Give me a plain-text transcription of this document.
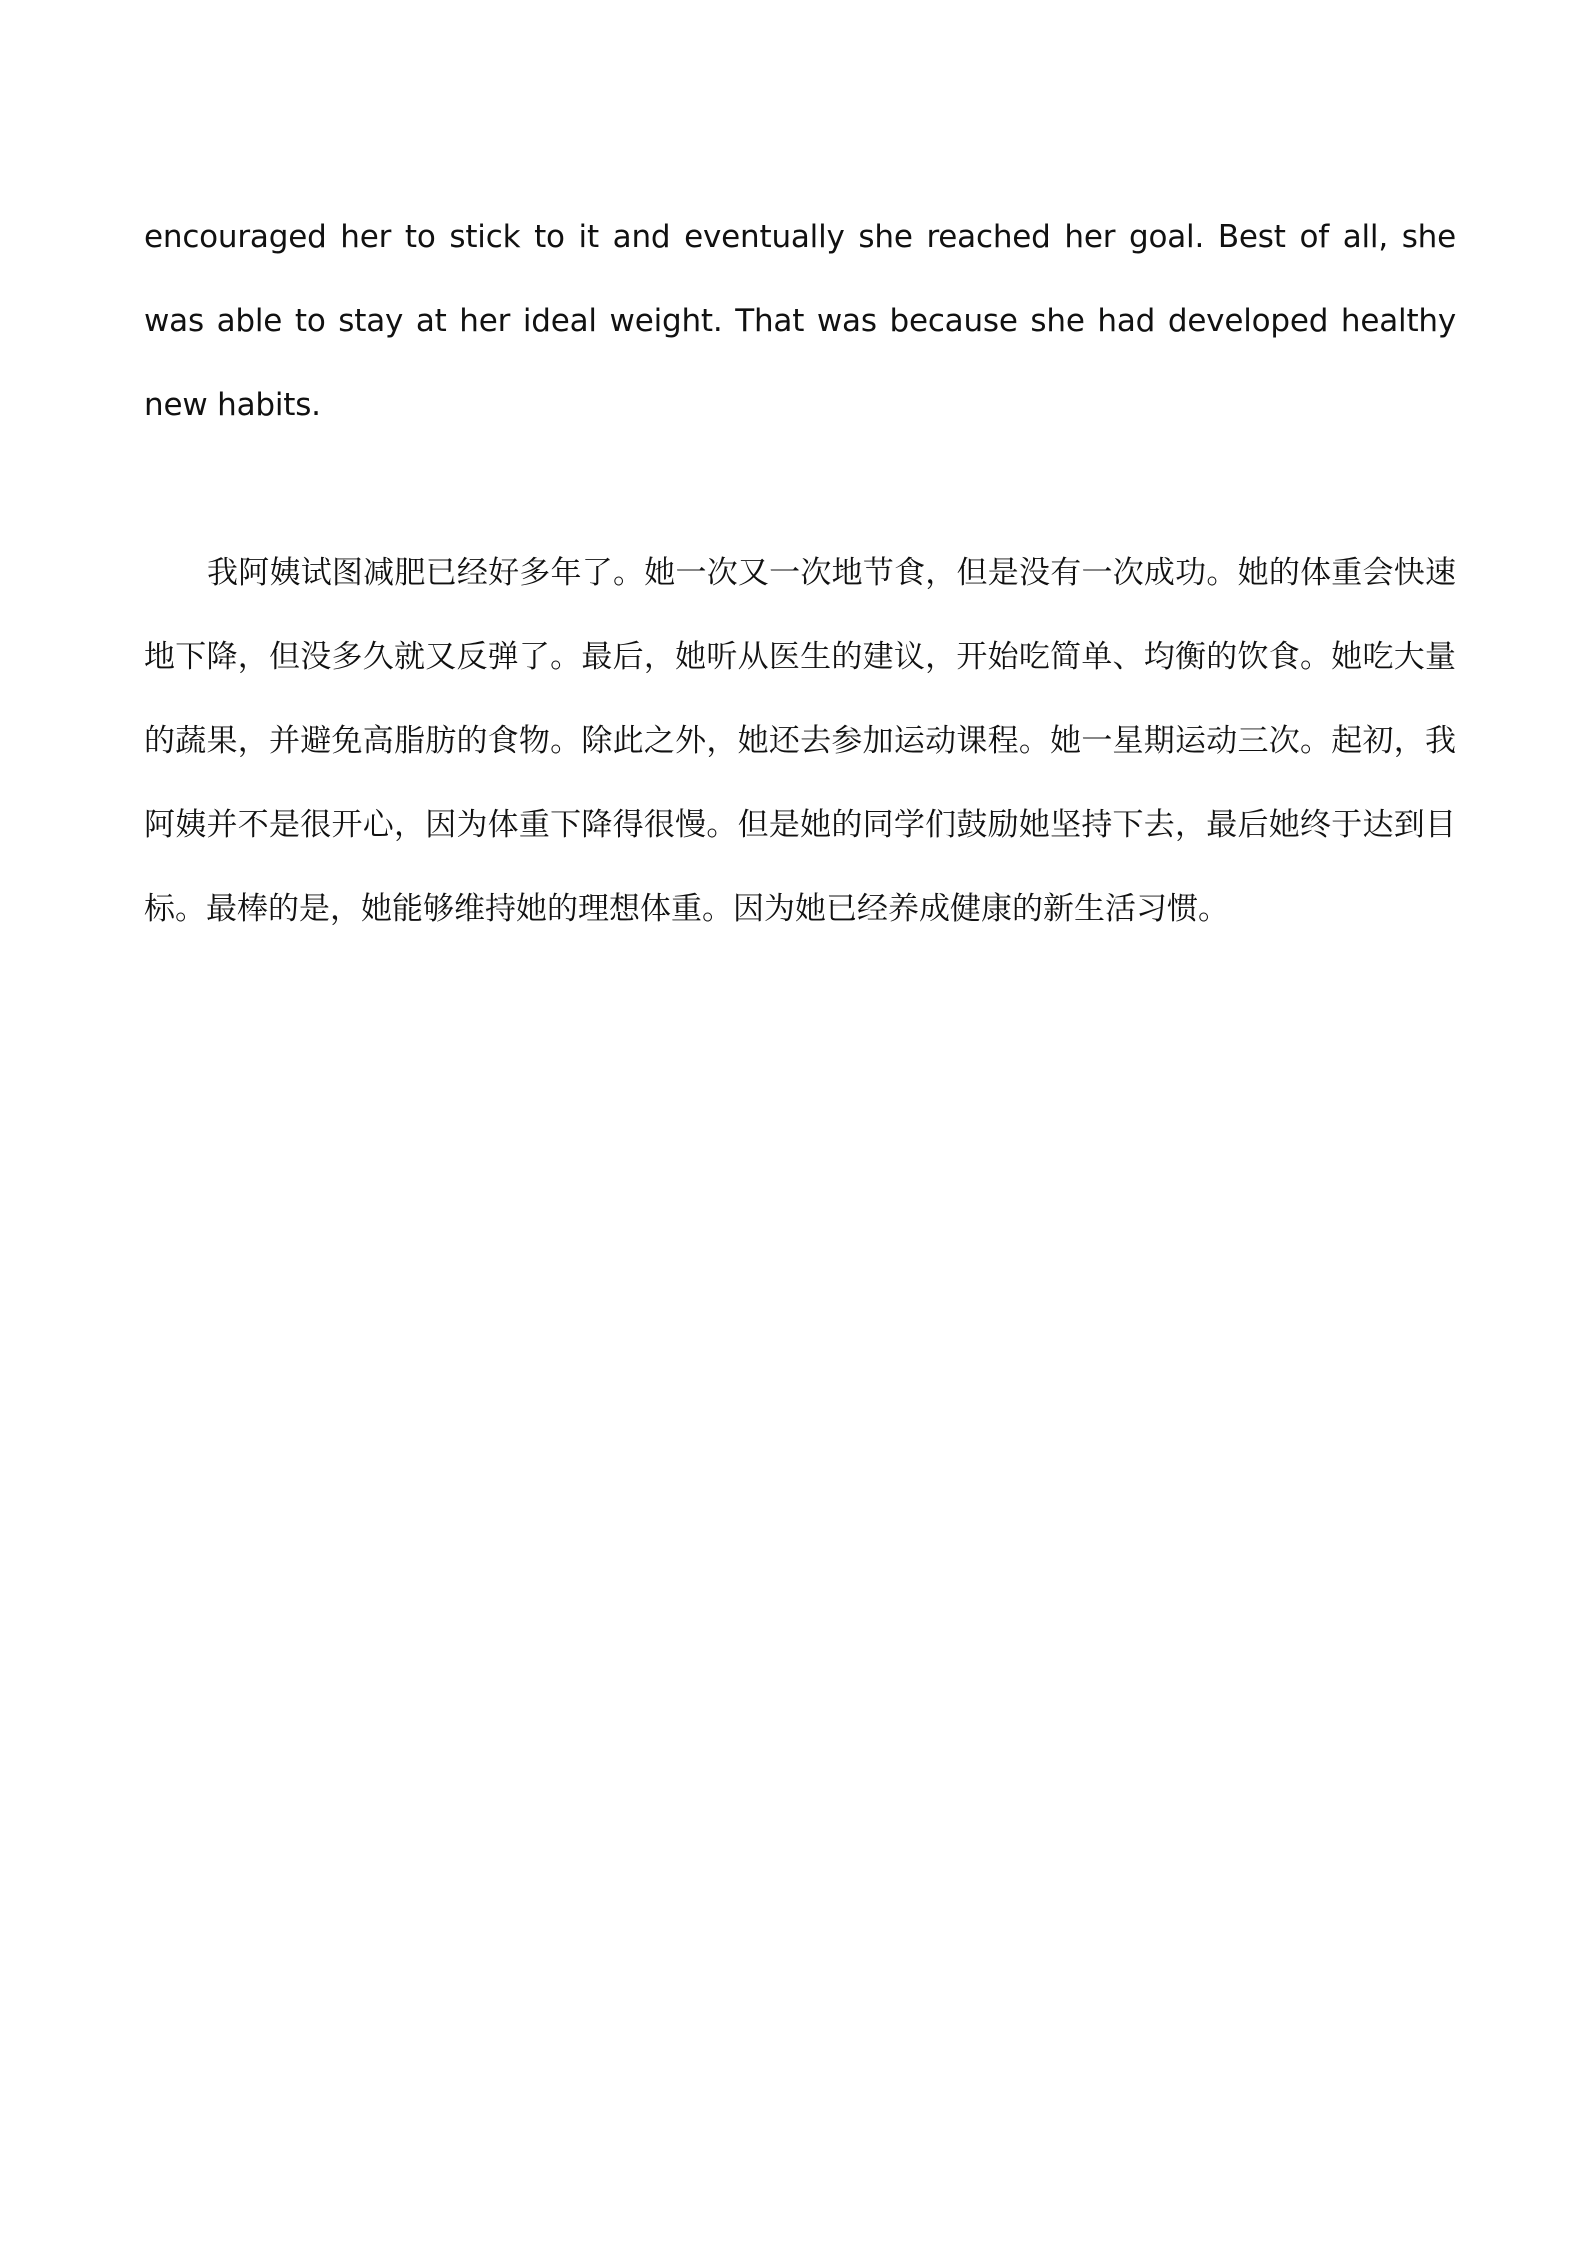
encouraged her to stick to it and eventually she reached her goal. Best of all, she was able to stay at her ideal weight. That was because she had developed healthy new habits.

我阿姨试图减肥已经好多年了。她一次又一次地节食，但是没有一次成功。她的体重会快速地下降，但没多久就又反弹了。最后，她听从医生的建议，开始吃简单、均衡的饮食。她吃大量的蔬果，并避免高脂肪的食物。除此之外，她还去参加运动课程。她一星期运动三次。起初，我阿姨并不是很开心，因为体重下降得很慢。但是她的同学们鼓励她坚持下去，最后她终于达到目标。最棒的是，她能够维持她的理想体重。因为她已经养成健康的新生活习惯。
